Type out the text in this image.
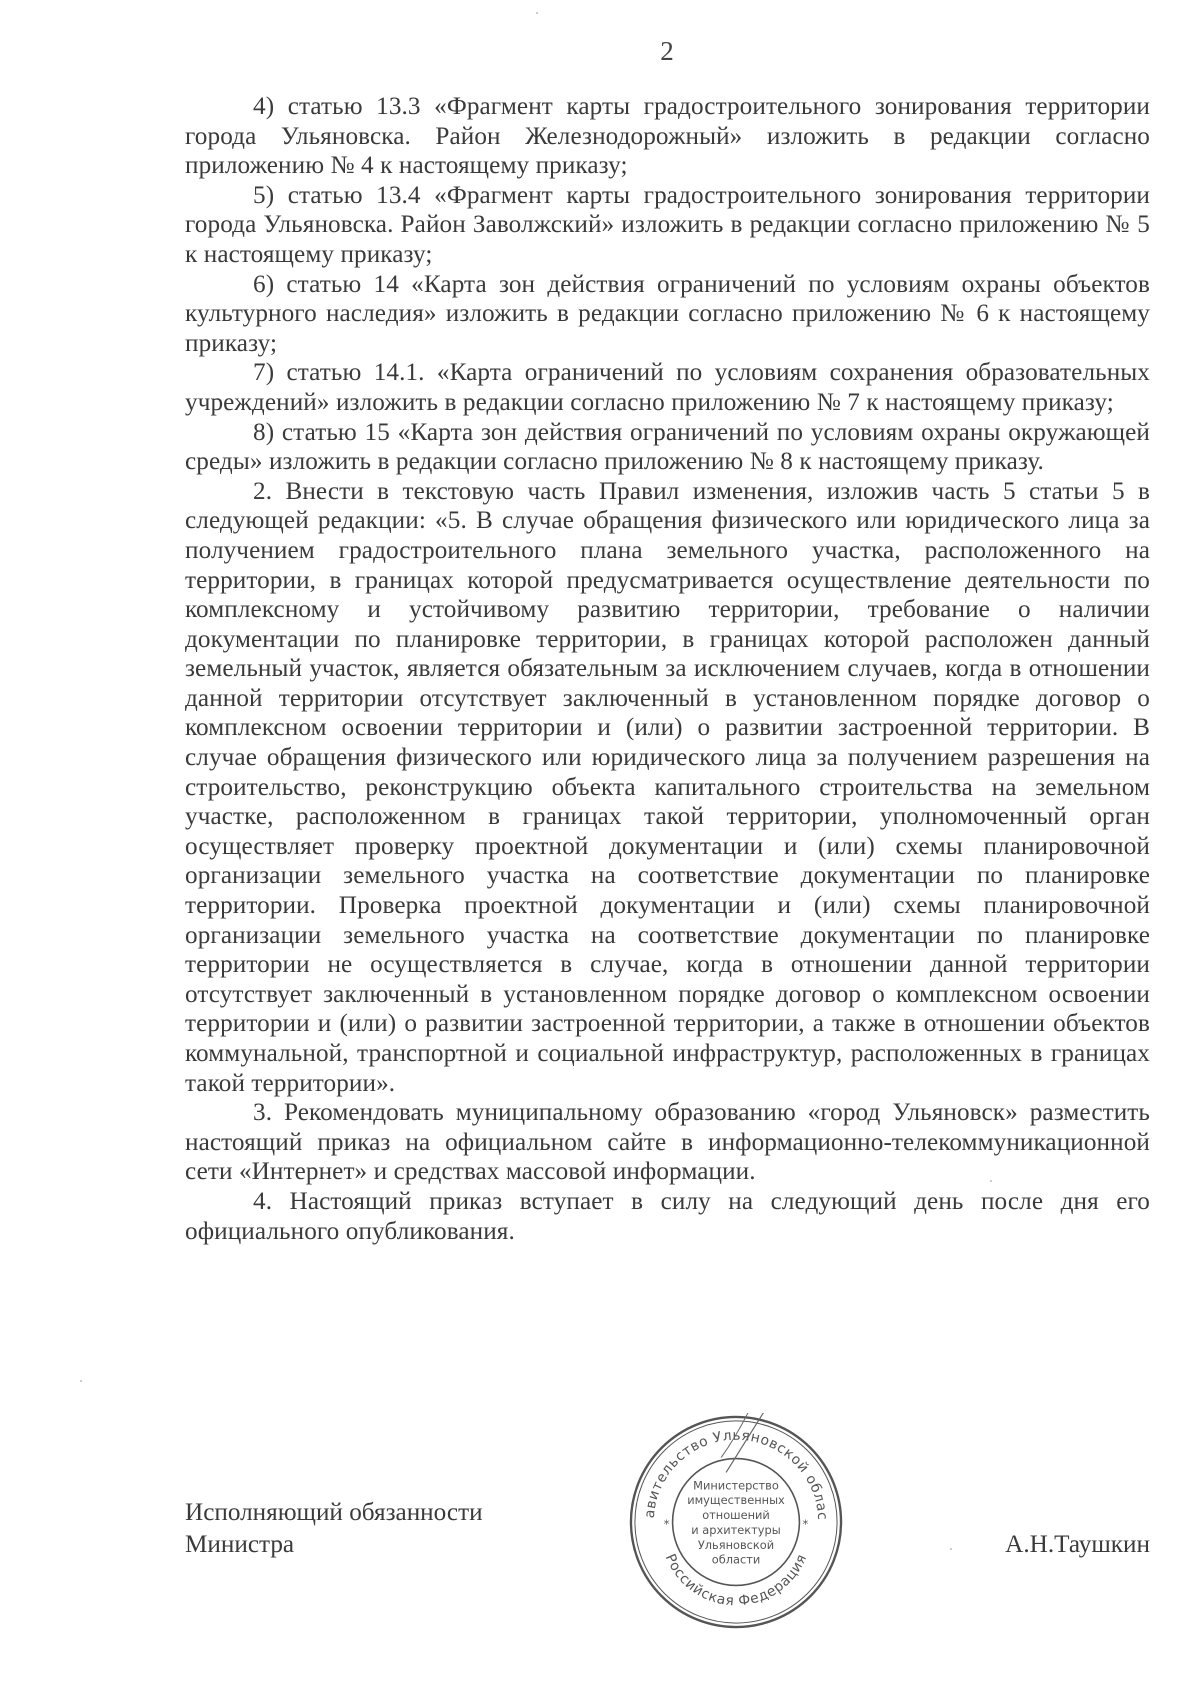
2

4) статью 13.3 «Фрагмент карты градостроительного зонирования территории города Ульяновска. Район Железнодорожный» изложить в редакции согласно приложению № 4 к настоящему приказу;

5) статью 13.4 «Фрагмент карты градостроительного зонирования территории города Ульяновска. Район Заволжский» изложить в редакции согласно приложению № 5 к настоящему приказу;

6) статью 14 «Карта зон действия ограничений по условиям охраны объектов культурного наследия» изложить в редакции согласно приложению № 6 к настоящему приказу;

7) статью 14.1. «Карта ограничений по условиям сохранения образовательных учреждений» изложить в редакции согласно приложению № 7 к настоящему приказу;

8) статью 15 «Карта зон действия ограничений по условиям охраны окружающей среды» изложить в редакции согласно приложению № 8 к настоящему приказу.

2. Внести в текстовую часть Правил изменения, изложив часть 5 статьи 5 в следующей редакции: «5. В случае обращения физического или юридического лица за получением градостроительного плана земельного участка, расположенного на территории, в границах которой предусматривается осуществление деятельности по комплексному и устойчивому развитию территории, требование о наличии документации по планировке территории, в границах которой расположен данный земельный участок, является обязательным за исключением случаев, когда в отношении данной территории отсутствует заключенный в установленном порядке договор о комплексном освоении территории и (или) о развитии застроенной территории. В случае обращения физического или юридического лица за получением разрешения на строительство, реконструкцию объекта капитального строительства на земельном участке, расположенном в границах такой территории, уполномоченный орган осуществляет проверку проектной документации и (или) схемы планировочной организации земельного участка на соответствие документации по планировке территории. Проверка проектной документации и (или) схемы планировочной организации земельного участка на соответствие документации по планировке территории не осуществляется в случае, когда в отношении данной территории отсутствует заключенный в установленном порядке договор о комплексном освоении территории и (или) о развитии застроенной территории, а также в отношении объектов коммунальной, транспортной и социальной инфраструктур, расположенных в границах такой территории».

3. Рекомендовать муниципальному образованию «город Ульяновск» разместить настоящий приказ на официальном сайте в информационно-телекоммуникационной сети «Интернет» и средствах массовой информации.

4. Настоящий приказ вступает в силу на следующий день после дня его официального опубликования.

Исполняющий обязанности
Министра	А.Н.Таушкин
авительство Ульяновской облас
Российская Федерация
*	*
Министерство
имущественных
отношений
и архитектуры
Ульяновской
области
